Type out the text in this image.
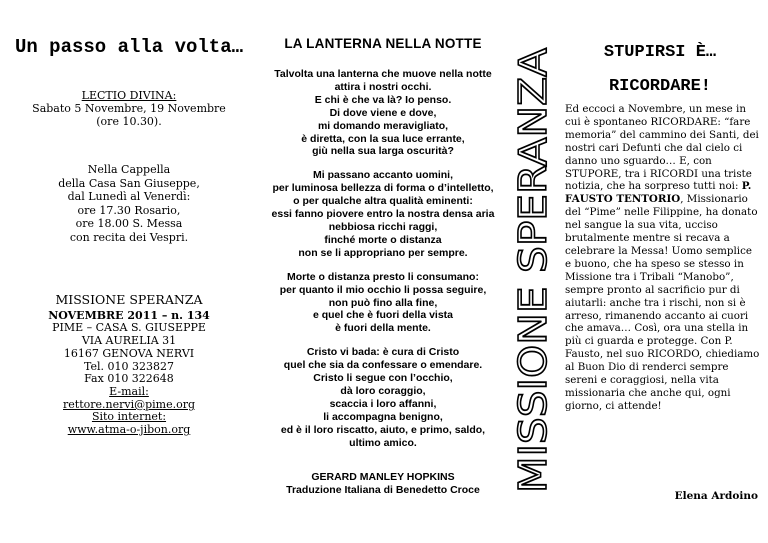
Un passo alla volta…
LECTIO DIVINA:
Sabato 5 Novembre, 19 Novembre
(ore 10.30).
Nella Cappella
della Casa San Giuseppe,
dal Lunedì al Venerdì:
ore 17.30 Rosario,
ore 18.00 S. Messa
con recita dei Vespri.
MISSIONE SPERANZA
NOVEMBRE 2011 – n. 134
PIME – CASA S. GIUSEPPE
VIA AURELIA 31
16167 GENOVA NERVI
Tel. 010 323827
Fax 010 322648
E-mail:
rettore.nervi@pime.org
Sito internet:
www.atma-o-jibon.org
LA LANTERNA NELLA NOTTE
Talvolta una lanterna che muove nella notte
attira i nostri occhi.
E chi è che va là? Io penso.
Di dove viene e dove,
mi domando meravigliato,
è diretta, con la sua luce errante,
giù nella sua larga oscurità?
Mi passano accanto uomini,
per luminosa bellezza di forma o d’intelletto,
o per qualche altra qualità eminenti:
essi fanno piovere entro la nostra densa aria
nebbiosa ricchi raggi,
finché morte o distanza
non se li appropriano per sempre.
Morte o distanza presto li consumano:
per quanto il mio occhio li possa seguire,
non può fino alla fine,
e quel che è fuori della vista
è fuori della mente.
Cristo vi bada: è cura di Cristo
quel che sia da confessare o emendare.
Cristo li segue con l’occhio,
dà loro coraggio,
scaccia i loro affanni,
li accompagna benigno,
ed è il loro riscatto, aiuto, e primo, saldo,
ultimo amico.
GERARD MANLEY HOPKINS
Traduzione Italiana di Benedetto Croce MISSIONE SPERANZA
STUPIRSI È…
RICORDARE!
Ed eccoci a Novembre, un mese in cui è spontaneo RICORDARE: “fare memoria” del cammino dei Santi, dei nostri cari Defunti che dal cielo ci danno uno sguardo… E, con STUPORE, tra i RICORDI una triste notizia, che ha sorpreso tutti noi: P. FAUSTO TENTORIO, Missionario del “Pime” nelle Filippine, ha donato nel sangue la sua vita, ucciso brutalmente mentre si recava a celebrare la Messa! Uomo semplice e buono, che ha speso se stesso in Missione tra i Tribali “Manobo”, sempre pronto al sacrificio pur di aiutarli: anche tra i rischi, non si è arreso, rimanendo accanto ai cuori che amava… Così, ora una stella in più ci guarda e protegge. Con P. Fausto, nel suo RICORDO, chiediamo al Buon Dio di renderci sempre sereni e coraggiosi, nella vita missionaria che anche qui, ogni giorno, ci attende!
Elena Ardoino
